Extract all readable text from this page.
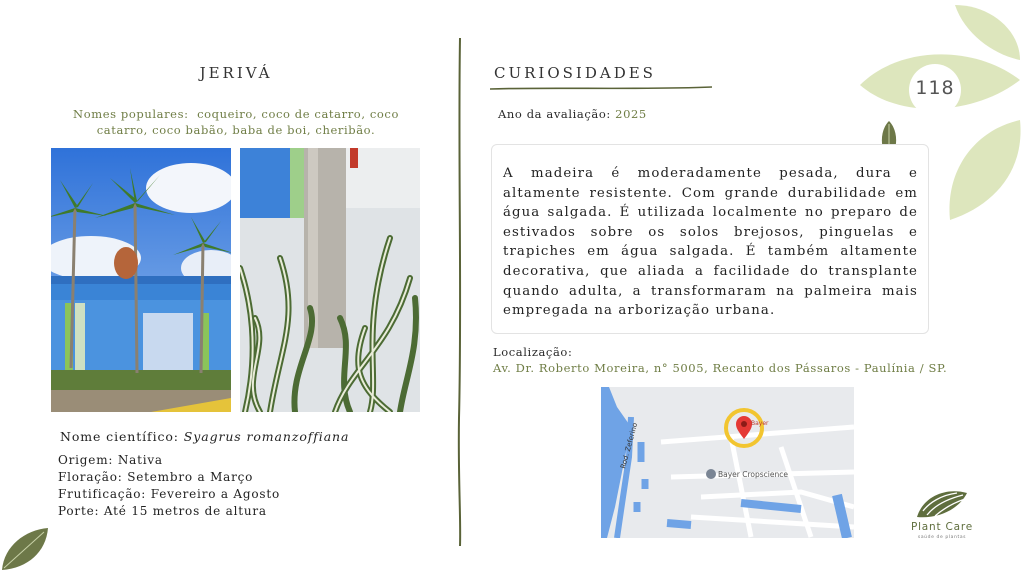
118
JERIVÁ
Nomes populares: coqueiro, coco de catarro, coco
catarro, coco babão, baba de boi, cheribão.
Nome científico: Syagrus romanzoffiana
Origem: Nativa
Floração: Setembro a Março
Frutificação: Fevereiro a Agosto
Porte: Até 15 metros de altura
CURIOSIDADES
Ano da avaliação: 2025

A madeira é moderadamente pesada, dura e altamente resistente. Com grande durabilidade em água salgada. É utilizada localmente no preparo de estivados sobre os solos brejosos, pinguelas e trapiches em água salgada. É também altamente decorativa, que aliada a facilidade do transplante quando adulta, a transformaram na palmeira mais empregada na arborização urbana.

Localização:
Av. Dr. Roberto Moreira, n° 5005, Recanto dos Pássaros - Paulínia / SP.
Rod. Zeferino	Bayer
Bayer Cropscience
Plant Care
saúde de plantas
